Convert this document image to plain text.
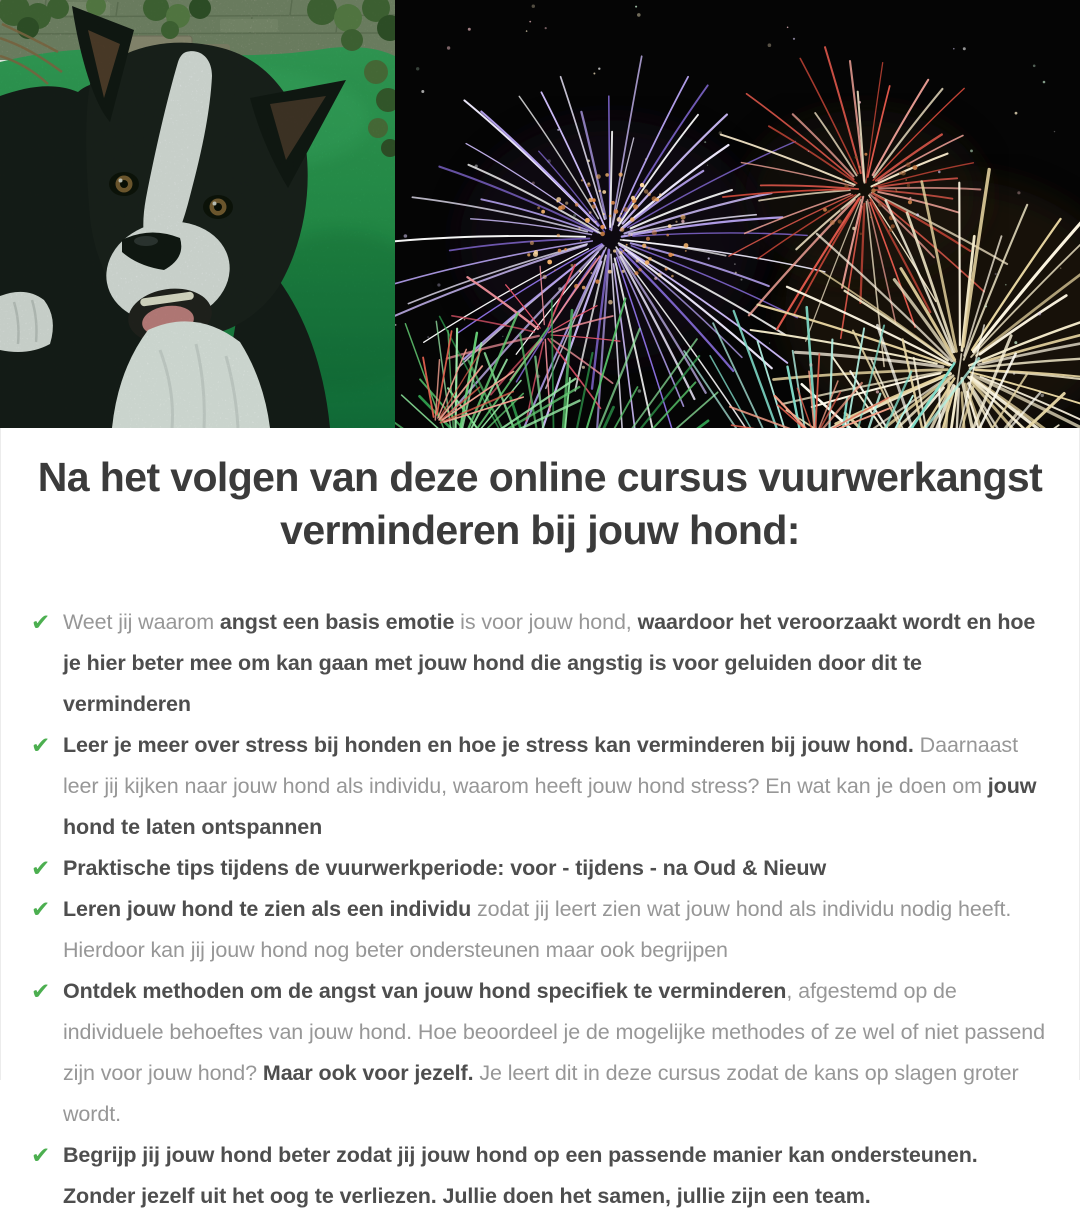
Na het volgen van deze online cursus vuurwerkangst
verminderen bij jouw hond:
✔ Weet jij waarom angst een basis emotie is voor jouw hond, waardoor het veroorzaakt wordt en hoe je hier beter mee om kan gaan met jouw hond die angstig is voor geluiden door dit te verminderen
✔ Leer je meer over stress bij honden en hoe je stress kan verminderen bij jouw hond. Daarnaast leer jij kijken naar jouw hond als individu, waarom heeft jouw hond stress? En wat kan je doen om jouw hond te laten ontspannen
✔ Praktische tips tijdens de vuurwerkperiode: voor - tijdens - na Oud & Nieuw
✔ Leren jouw hond te zien als een individu zodat jij leert zien wat jouw hond als individu nodig heeft. Hierdoor kan jij jouw hond nog beter ondersteunen maar ook begrijpen
✔ Ontdek methoden om de angst van jouw hond specifiek te verminderen, afgestemd op de individuele behoeftes van jouw hond. Hoe beoordeel je de mogelijke methodes of ze wel of niet passend zijn voor jouw hond? Maar ook voor jezelf. Je leert dit in deze cursus zodat de kans op slagen groter wordt.
✔ Begrijp jij jouw hond beter zodat jij jouw hond op een passende manier kan ondersteunen. Zonder jezelf uit het oog te verliezen. Jullie doen het samen, jullie zijn een team.
